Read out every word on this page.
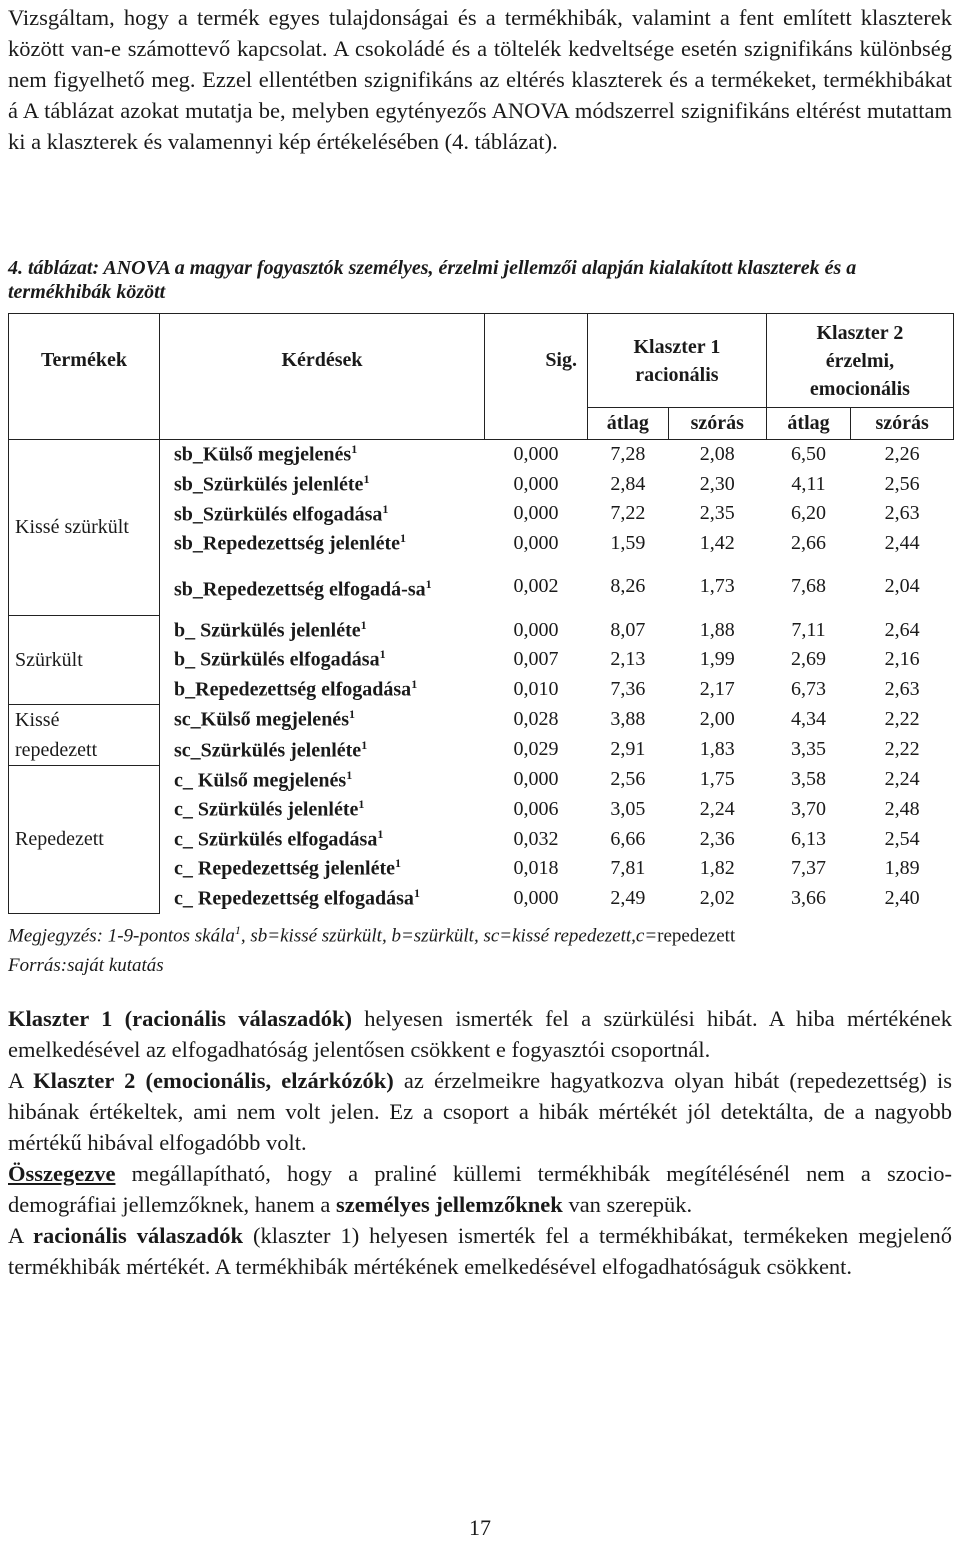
Vizsgáltam, hogy a termék egyes tulajdonságai és a termékhibák, valamint a fent említett klaszterek között van-e számottevő kapcsolat. A csokoládé és a töltelék kedveltsége esetén szignifikáns különbség nem figyelhető meg. Ezzel ellentétben szignifikáns az eltérés klaszterek és a termékeket, termékhibákat á A táblázat azokat mutatja be, melyben egytényezős ANOVA módszerrel szignifikáns eltérést mutattam ki a klaszterek és valamennyi kép értékelésében (4. táblázat).

4. táblázat: ANOVA a magyar fogyasztók személyes, érzelmi jellemzői alapján kialakított klaszterek és a termékhibák között
Termékek	Kérdések	Sig.	Klaszter 1 racionális		Klaszter 2 érzelmi, emocionális	
			átlag	szórás	átlag	szórás
Kissé szürkült	sb_Külső megjelenés$^1$	0,000	7,28	2,08	6,50	2,26
	sb_Szürkülés jelenléte$^1$	0,000	2,84	2,30	4,11	2,56
	sb_Szürkülés elfogadása$^1$	0,000	7,22	2,35	6,20	2,63
	sb_Repedezettség jelenléte$^1$	0,000	1,59	1,42	2,66	2,44
	sb_Repedezettség elfogadá-$sa^1$	0,002	8,26	1,73	7,68	2,04
Szürkült	b_ Szürkülés jelenléte$^1$	0,000	8,07	1,88	7,11	2,64
	b_ Szürkülés elfogadása$^1$	0,007	2,13	1,99	2,69	2,16
	b_Repedezettség elfogadása$^1$	0,010	7,36	2,17	6,73	2,63
Kissé repedezett	sc_Külső megjelenés$^1$	0,028	3,88	2,00	4,34	2,22
	sc_Szürkülés jelenléte$^1$	0,029	2,91	1,83	3,35	2,22
Repedezett	c_ Külső megjelenés$^1$	0,000	2,56	1,75	3,58	2,24
	c_ Szürkülés jelenléte$^1$	0,006	3,05	2,24	3,70	2,48
	c_ Szürkülés elfogadása$^1$	0,032	6,66	2,36	6,13	2,54
	c_ Repedezettség jelenléte$^1$	0,018	7,81	1,82	7,37	1,89
	c_ Repedezettség elfogadása$^1$	0,000	2,49	2,02	3,66	2,40
Megjegyzés: 1-9-pontos skála$^1$, sb=kissé szürkült, b=szürkült, sc=kissé repedezett,c=repedezett
Forrás:saját kutatás

Klaszter 1 (racionális válaszadók) helyesen ismerték fel a szürkülési hibát. A hiba mértékének emelkedésével az elfogadhatóság jelentősen csökkent e fogyasztói csoportnál.

A Klaszter 2 (emocionális, elzárkózók) az érzelmeikre hagyatkozva olyan hibát (repedezettség) is hibának értékeltek, ami nem volt jelen. Ez a csoport a hibák mértékét jól detektálta, de a nagyobb mértékű hibával elfogadóbb volt.

Összegezve megállapítható, hogy a praliné küllemi termékhibák megítélésénél nem a szocio-demográfiai jellemzőknek, hanem a személyes jellemzőknek van szerepük.

A racionális válaszadók (klaszter 1) helyesen ismerték fel a termékhibákat, termékeken megjelenő termékhibák mértékét. A termékhibák mértékének emelkedésével elfogadhatóságuk csökkent.

17
